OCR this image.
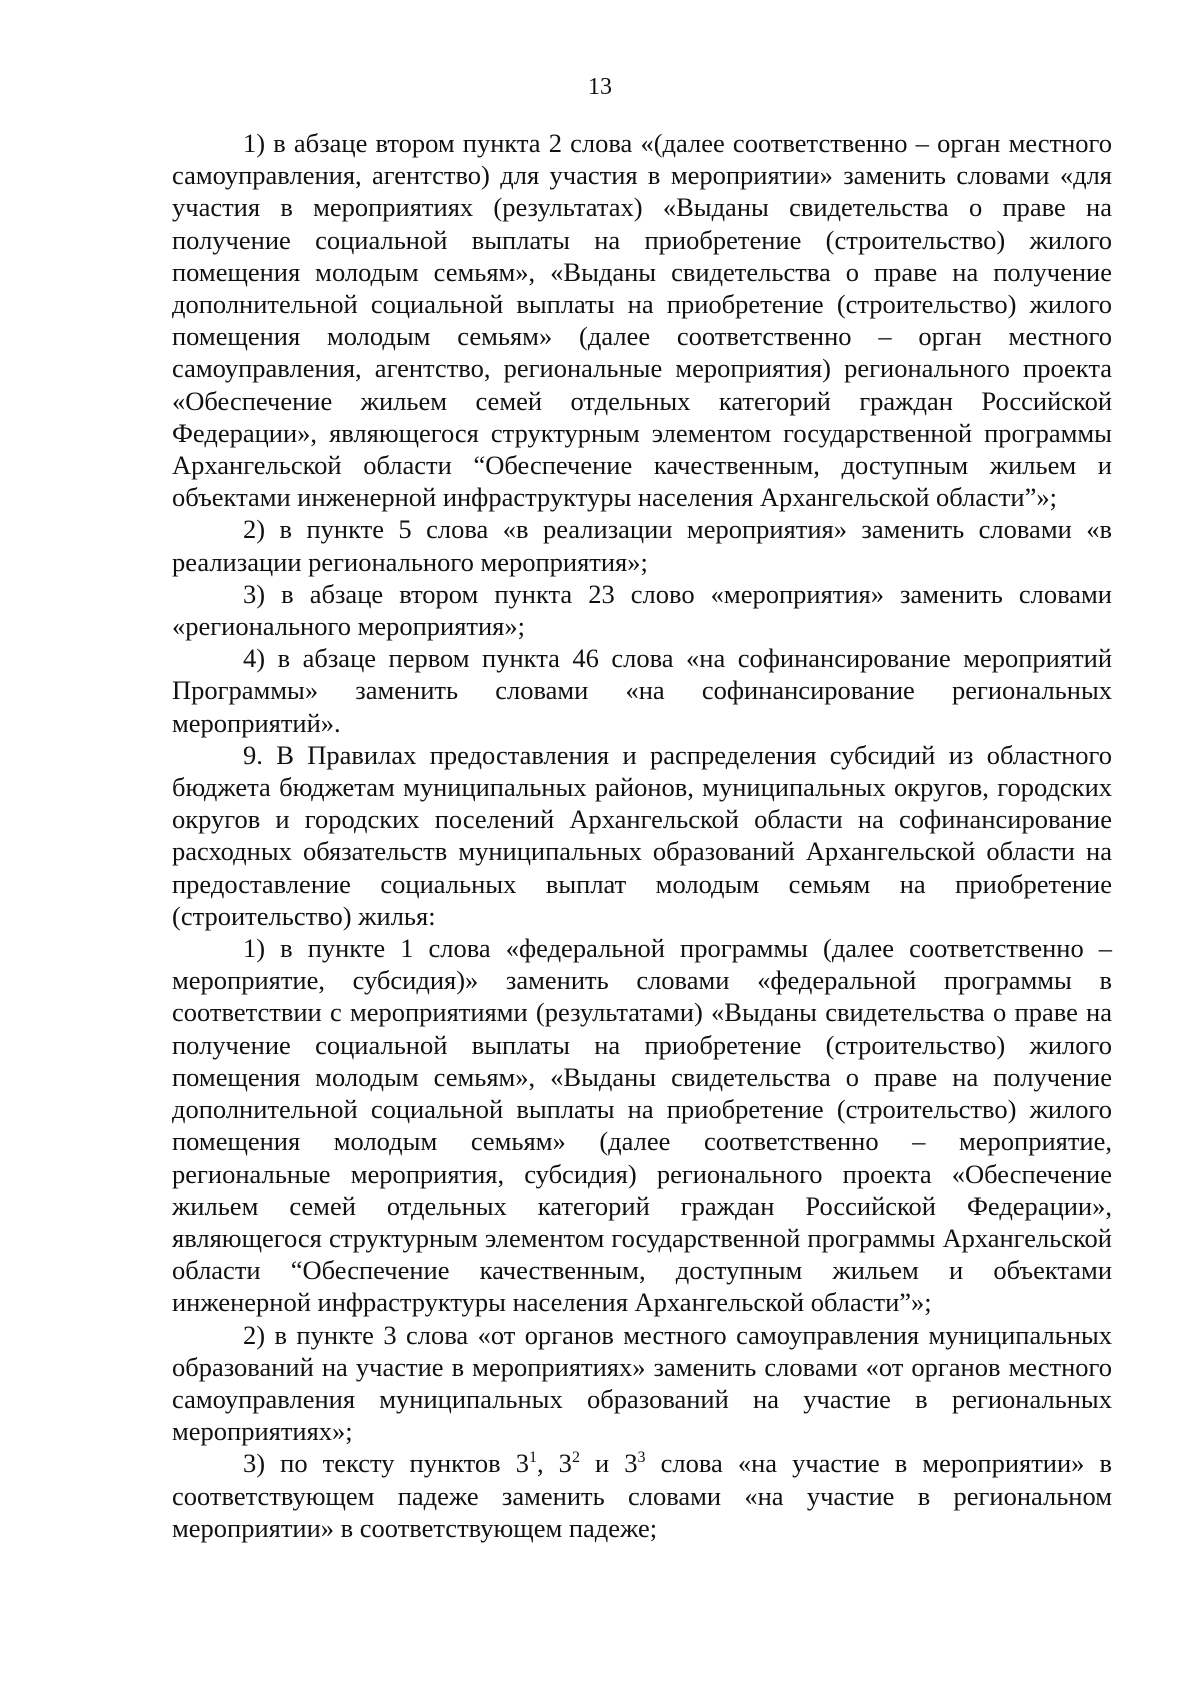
13

1) в абзаце втором пункта 2 слова «(далее соответственно – орган местного самоуправления, агентство) для участия в мероприятии» заменить словами «для участия в мероприятиях (результатах) «Выданы свидетельства о праве на получение социальной выплаты на приобретение (строительство) жилого помещения молодым семьям», «Выданы свидетельства о праве на получение дополнительной социальной выплаты на приобретение (строительство) жилого помещения молодым семьям» (далее соответственно – орган местного самоуправления, агентство, региональные мероприятия) регионального проекта «Обеспечение жильем семей отдельных категорий граждан Российской Федерации», являющегося структурным элементом государственной программы Архангельской области “Обеспечение качественным, доступным жильем и объектами инженерной инфраструктуры населения Архангельской области”»;

2) в пункте 5 слова «в реализации мероприятия» заменить словами «в реализации регионального мероприятия»;

3) в абзаце втором пункта 23 слово «мероприятия» заменить словами «регионального мероприятия»;

4) в абзаце первом пункта 46 слова «на софинансирование мероприятий Программы» заменить словами «на софинансирование региональных мероприятий».

9. В Правилах предоставления и распределения субсидий из областного бюджета бюджетам муниципальных районов, муниципальных округов, городских округов и городских поселений Архангельской области на софинансирование расходных обязательств муниципальных образований Архангельской области на предоставление социальных выплат молодым семьям на приобретение (строительство) жилья:

1) в пункте 1 слова «федеральной программы (далее соответственно – мероприятие, субсидия)» заменить словами «федеральной программы в соответствии с мероприятиями (результатами) «Выданы свидетельства о праве на получение социальной выплаты на приобретение (строительство) жилого помещения молодым семьям», «Выданы свидетельства о праве на получение дополнительной социальной выплаты на приобретение (строительство) жилого помещения молодым семьям» (далее соответственно – мероприятие, региональные мероприятия, субсидия) регионального проекта «Обеспечение жильем семей отдельных категорий граждан Российской Федерации», являющегося структурным элементом государственной программы Архангельской области “Обеспечение качественным, доступным жильем и объектами инженерной инфраструктуры населения Архангельской области”»;

2) в пункте 3 слова «от органов местного самоуправления муниципальных образований на участие в мероприятиях» заменить словами «от органов местного самоуправления муниципальных образований на участие в региональных мероприятиях»;

3) по тексту пунктов $3^1$, $3^2$ и $3^3$ слова «на участие в мероприятии» в соответствующем падеже заменить словами «на участие в региональном мероприятии» в соответствующем падеже;
